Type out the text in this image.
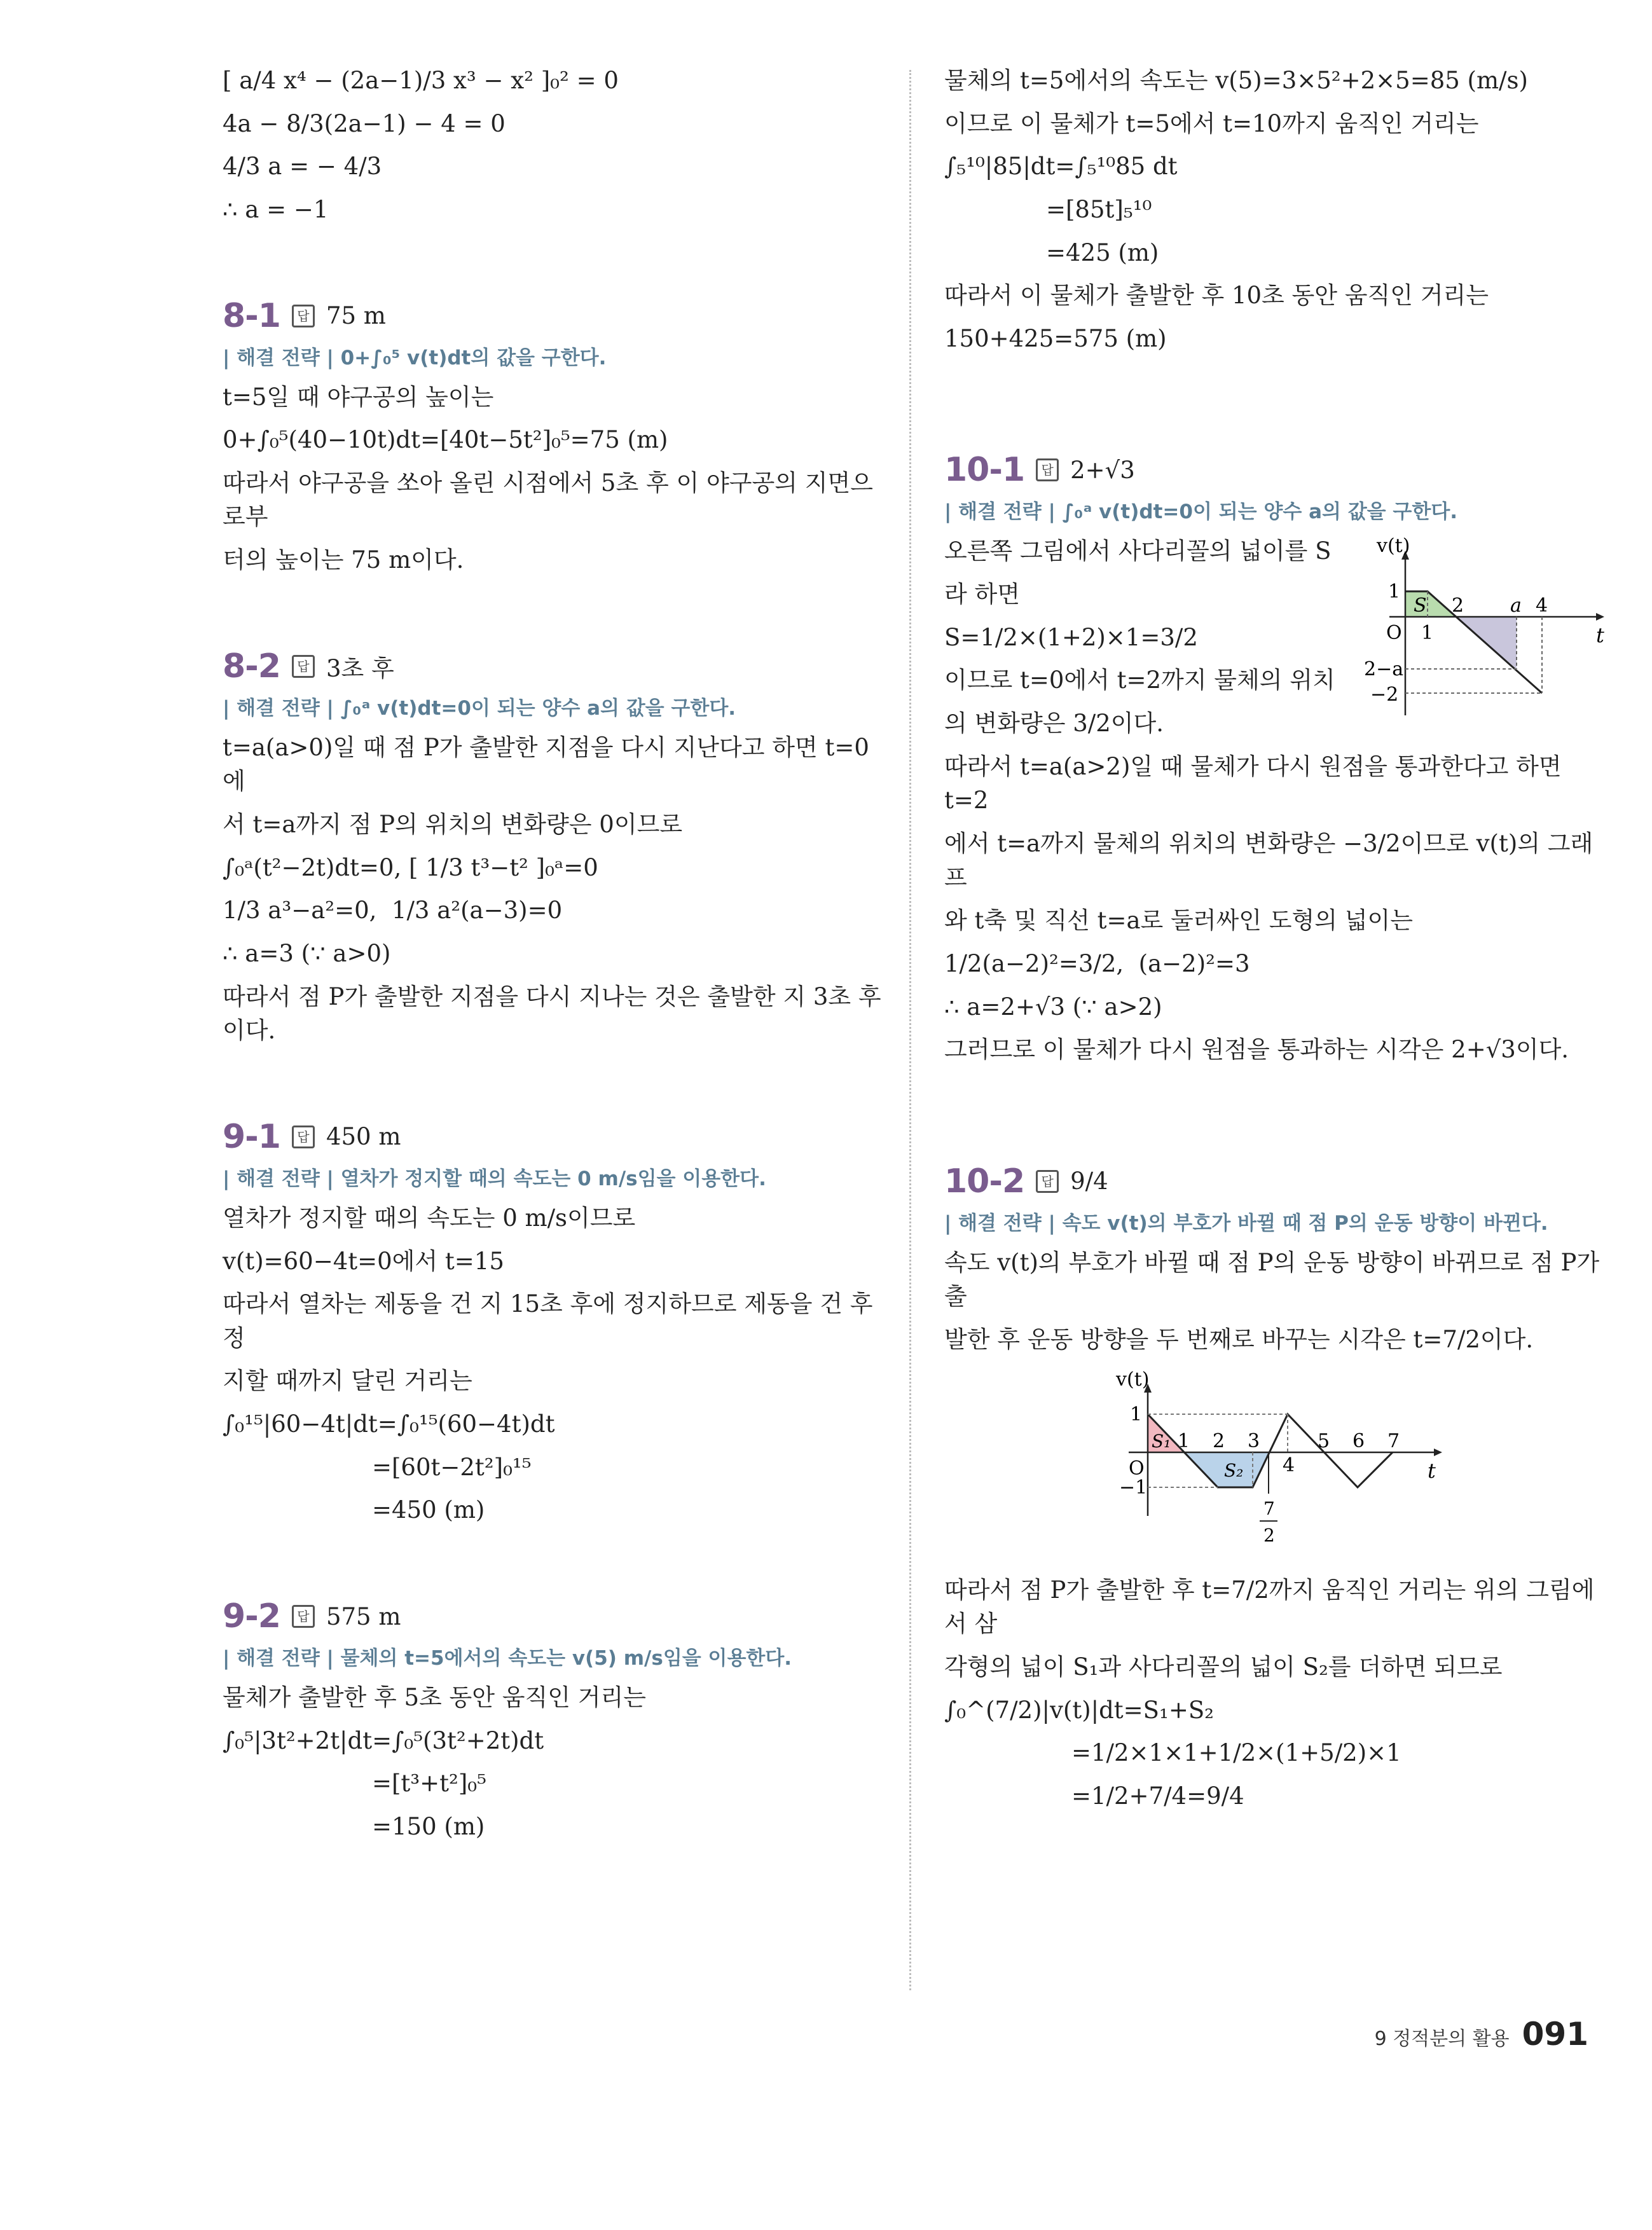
[ a/4 x⁴ − (2a−1)/3 x³ − x² ]₀² = 0

4a − 8/3(2a−1) − 4 = 0

4/3 a = − 4/3

∴ a = −1

8-1	답 75 m

| 해결 전략 | 0+∫₀⁵ v(t)dt의 값을 구한다.

t=5일 때 야구공의 높이는

0+∫₀⁵(40−10t)dt=[40t−5t²]₀⁵=75 (m)

따라서 야구공을 쏘아 올린 시점에서 5초 후 이 야구공의 지면으로부

터의 높이는 75 m이다.

8-2	답 3초 후

| 해결 전략 | ∫₀ᵃ v(t)dt=0이 되는 양수 a의 값을 구한다.

t=a(a>0)일 때 점 P가 출발한 지점을 다시 지난다고 하면 t=0에

서 t=a까지 점 P의 위치의 변화량은 0이므로

∫₀ᵃ(t²−2t)dt=0, [ 1/3 t³−t² ]₀ᵃ=0

1/3 a³−a²=0,  1/3 a²(a−3)=0

∴ a=3 (∵ a>0)

따라서 점 P가 출발한 지점을 다시 지나는 것은 출발한 지 3초 후이다.

9-1	답 450 m

| 해결 전략 | 열차가 정지할 때의 속도는 0 m/s임을 이용한다.

열차가 정지할 때의 속도는 0 m/s이므로

v(t)=60−4t=0에서 t=15

따라서 열차는 제동을 건 지 15초 후에 정지하므로 제동을 건 후 정

지할 때까지 달린 거리는

∫₀¹⁵|60−4t|dt=∫₀¹⁵(60−4t)dt

=[60t−2t²]₀¹⁵

=450 (m)

9-2	답 575 m

| 해결 전략 | 물체의 t=5에서의 속도는 v(5) m/s임을 이용한다.

물체가 출발한 후 5초 동안 움직인 거리는

∫₀⁵|3t²+2t|dt=∫₀⁵(3t²+2t)dt

=[t³+t²]₀⁵

=150 (m)

물체의 t=5에서의 속도는 v(5)=3×5²+2×5=85 (m/s)

이므로 이 물체가 t=5에서 t=10까지 움직인 거리는

∫₅¹⁰|85|dt=∫₅¹⁰85 dt

=[85t]₅¹⁰

=425 (m)

따라서 이 물체가 출발한 후 10초 동안 움직인 거리는

150+425=575 (m)

10-1	답 2+√3

| 해결 전략 | ∫₀ᵃ v(t)dt=0이 되는 양수 a의 값을 구한다.

오른쪽 그림에서 사다리꼴의 넓이를 S

라 하면

S=1/2×(1+2)×1=3/2

이므로 t=0에서 t=2까지 물체의 위치

의 변화량은 3/2이다.

v(t)
t
O
1
1
2 a 4
2−a
−2
S

따라서 t=a(a>2)일 때 물체가 다시 원점을 통과한다고 하면 t=2

에서 t=a까지 물체의 위치의 변화량은 −3/2이므로 v(t)의 그래프

와 t축 및 직선 t=a로 둘러싸인 도형의 넓이는

1/2(a−2)²=3/2,  (a−2)²=3

∴ a=2+√3 (∵ a>2)

그러므로 이 물체가 다시 원점을 통과하는 시각은 2+√3이다.

10-2	답 9/4

| 해결 전략 | 속도 v(t)의 부호가 바뀔 때 점 P의 운동 방향이 바뀐다.

속도 v(t)의 부호가 바뀔 때 점 P의 운동 방향이 바뀌므로 점 P가 출

발한 후 운동 방향을 두 번째로 바꾸는 시각은 t=7/2이다.

v(t)
t
O
1
−1
1 2 3
4
5 6 7
7
2
S₁
S₂

따라서 점 P가 출발한 후 t=7/2까지 움직인 거리는 위의 그림에서 삼

각형의 넓이 S₁과 사다리꼴의 넓이 S₂를 더하면 되므로

∫₀^(7/2)|v(t)|dt=S₁+S₂

=1/2×1×1+1/2×(1+5/2)×1

=1/2+7/4=9/4

9 정적분의 활용 091
